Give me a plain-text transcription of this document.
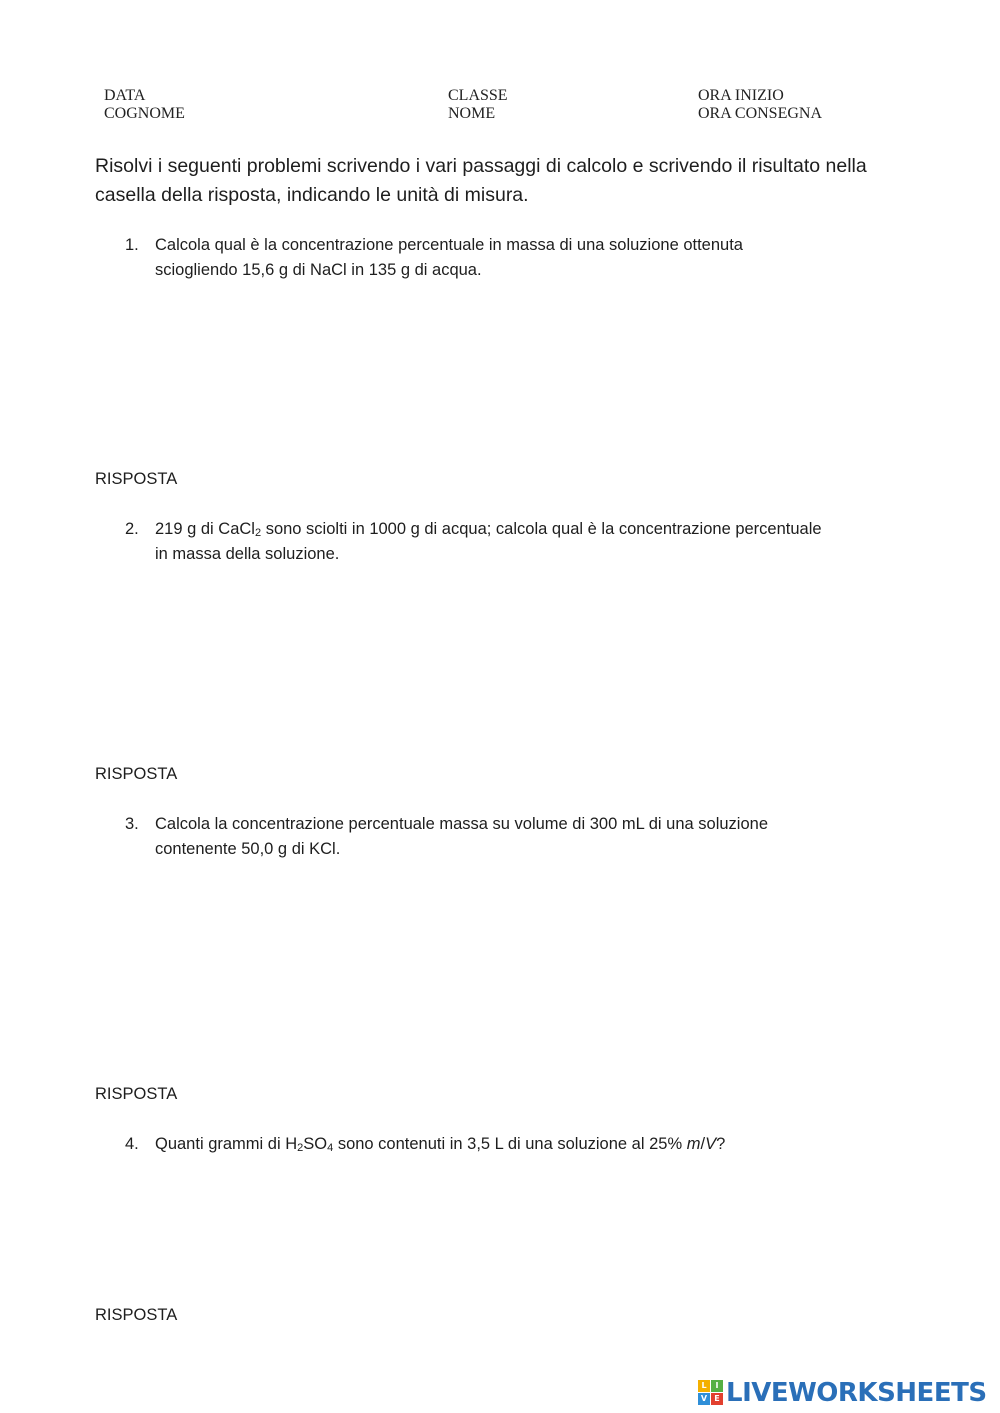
DATA
COGNOME
CLASSE
NOME
ORA INIZIO
ORA CONSEGNA
Risolvi i seguenti problemi scrivendo i vari passaggi di calcolo e scrivendo il risultato nella casella della risposta, indicando le unità di misura.
1. Calcola qual è la concentrazione percentuale in massa di una soluzione ottenuta
sciogliendo 15,6 g di NaCl in 135 g di acqua.
RISPOSTA
2. 219 g di CaCl$_2$ sono sciolti in 1000 g di acqua; calcola qual è la concentrazione percentuale
in massa della soluzione.
RISPOSTA
3. Calcola la concentrazione percentuale massa su volume di 300 mL di una soluzione
contenente 50,0 g di KCl.
RISPOSTA
4. Quanti grammi di $H_2SO_4$ sono contenuti in 3,5 L di una soluzione al 25% m/V?
RISPOSTA
L	I
V E LIVEWORKSHEETS
